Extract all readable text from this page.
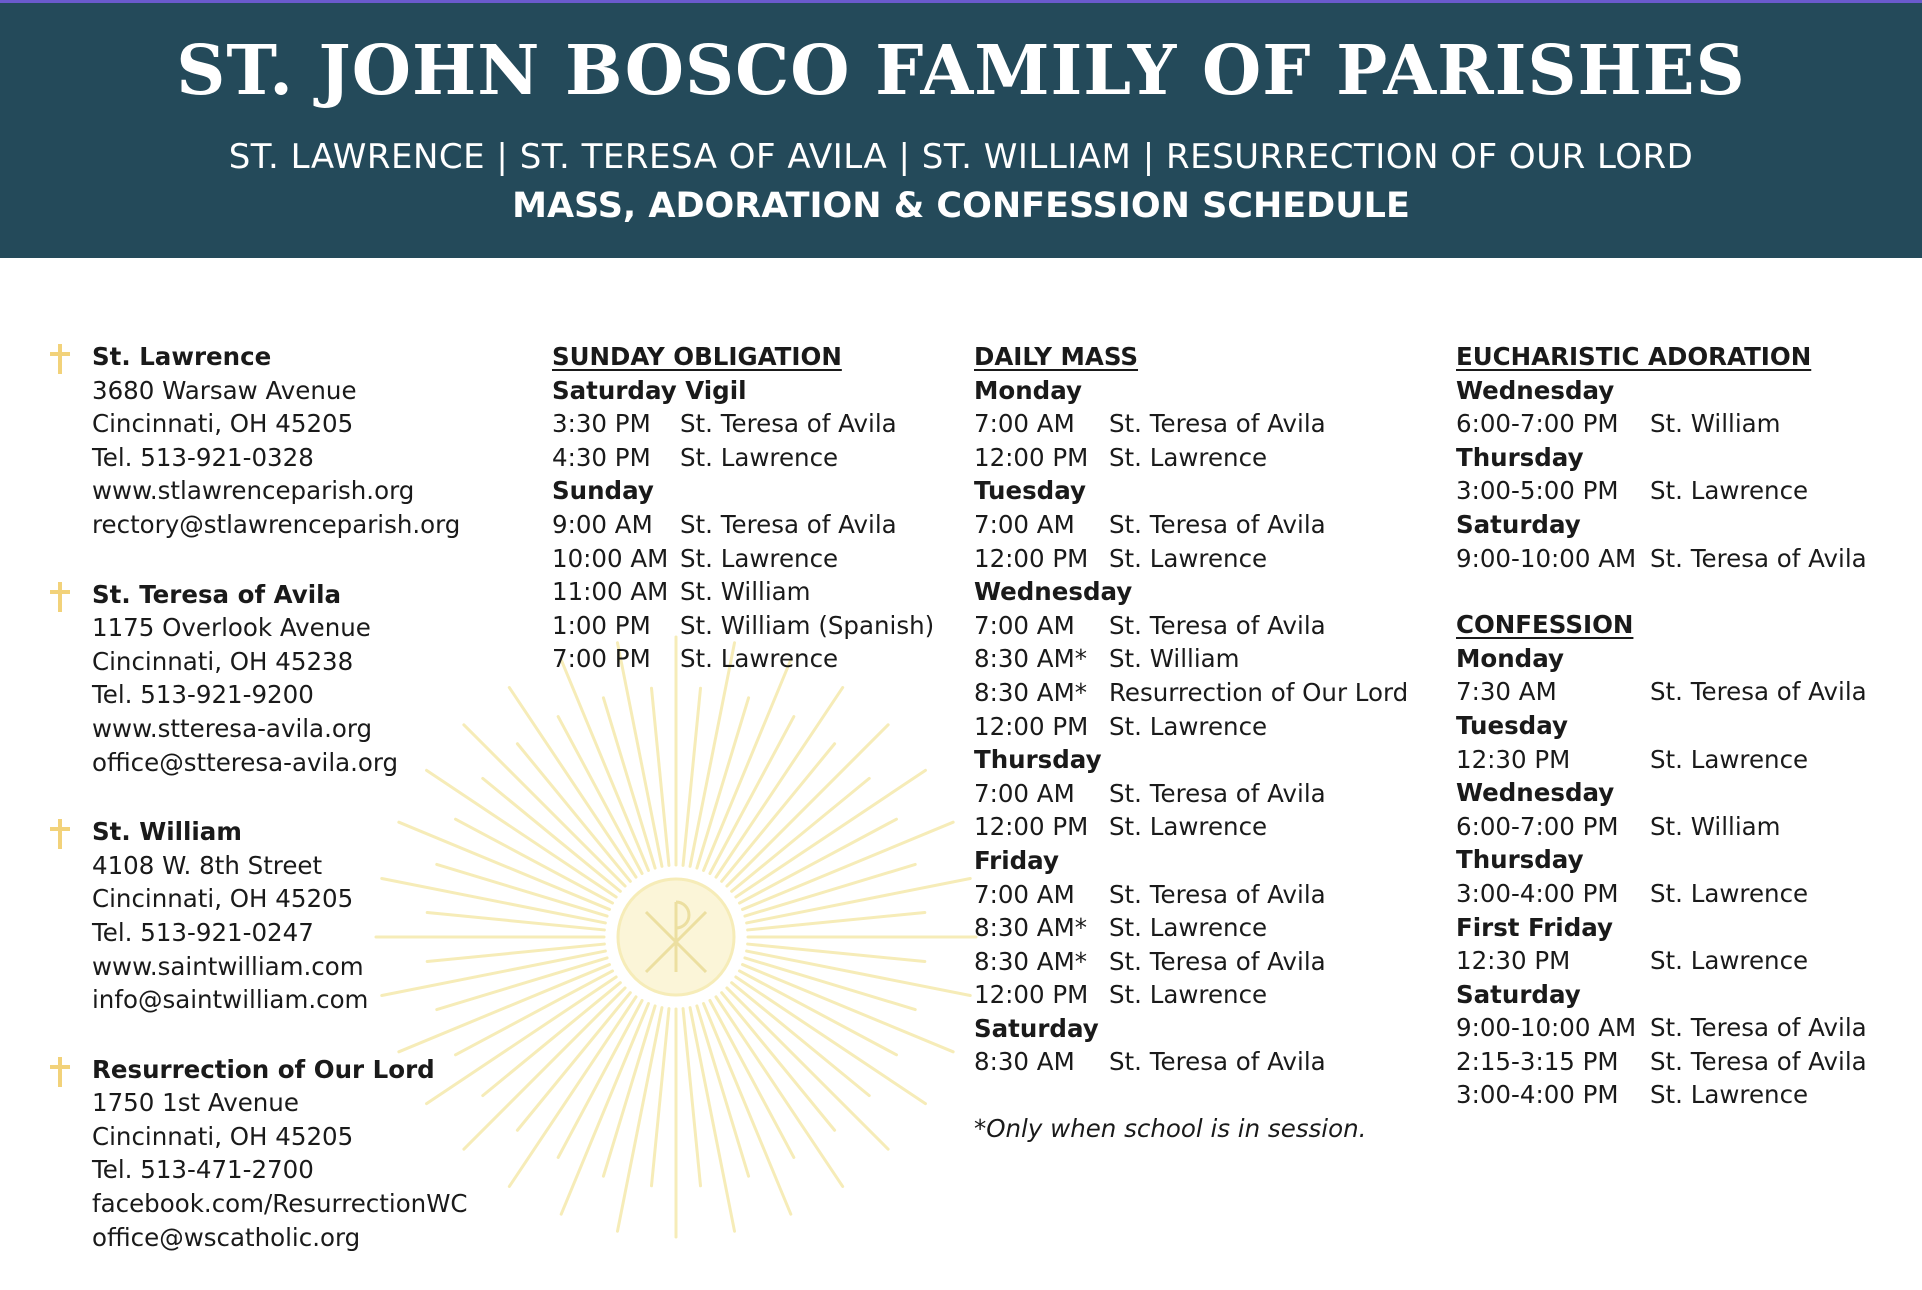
ST. JOHN BOSCO FAMILY OF PARISHES
ST. LAWRENCE | ST. TERESA OF AVILA | ST. WILLIAM | RESURRECTION OF OUR LORD
MASS, ADORATION & CONFESSION SCHEDULE
St. Lawrence
3680 Warsaw Avenue
Cincinnati, OH 45205
Tel. 513-921-0328
www.stlawrenceparish.org
rectory@stlawrenceparish.org
St. Teresa of Avila
1175 Overlook Avenue
Cincinnati, OH 45238
Tel. 513-921-9200
www.stteresa-avila.org
office@stteresa-avila.org
St. William
4108 W. 8th Street
Cincinnati, OH 45205
Tel. 513-921-0247
www.saintwilliam.com
info@saintwilliam.com
Resurrection of Our Lord
1750 1st Avenue
Cincinnati, OH 45205
Tel. 513-471-2700
facebook.com/ResurrectionWC
office@wscatholic.org
SUNDAY OBLIGATION
Saturday Vigil
3:30 PM	St. Teresa of Avila
4:30 PM	St. Lawrence
Sunday
9:00 AM	St. Teresa of Avila
10:00 AM St. Lawrence
11:00 AM St. William
1:00 PM	St. William (Spanish)
7:00 PM	St. Lawrence
DAILY MASS
Monday
7:00 AM	St. Teresa of Avila
12:00 PM St. Lawrence
Tuesday
7:00 AM	St. Teresa of Avila
12:00 PM St. Lawrence
Wednesday
7:00 AM	St. Teresa of Avila
8:30 AM* St. William
8:30 AM* Resurrection of Our Lord
12:00 PM St. Lawrence
Thursday
7:00 AM	St. Teresa of Avila
12:00 PM St. Lawrence
Friday
7:00 AM	St. Teresa of Avila
8:30 AM* St. Lawrence
8:30 AM* St. Teresa of Avila
12:00 PM St. Lawrence
Saturday
8:30 AM	St. Teresa of Avila
*Only when school is in session.
EUCHARISTIC ADORATION
Wednesday
6:00-7:00 PM	St. William
Thursday
3:00-5:00 PM	St. Lawrence
Saturday
9:00-10:00 AM St. Teresa of Avila
CONFESSION
Monday
7:30 AM	St. Teresa of Avila
Tuesday
12:30 PM	St. Lawrence
Wednesday
6:00-7:00 PM	St. William
Thursday
3:00-4:00 PM	St. Lawrence
First Friday
12:30 PM	St. Lawrence
Saturday
9:00-10:00 AM St. Teresa of Avila
2:15-3:15 PM	St. Teresa of Avila
3:00-4:00 PM	St. Lawrence
